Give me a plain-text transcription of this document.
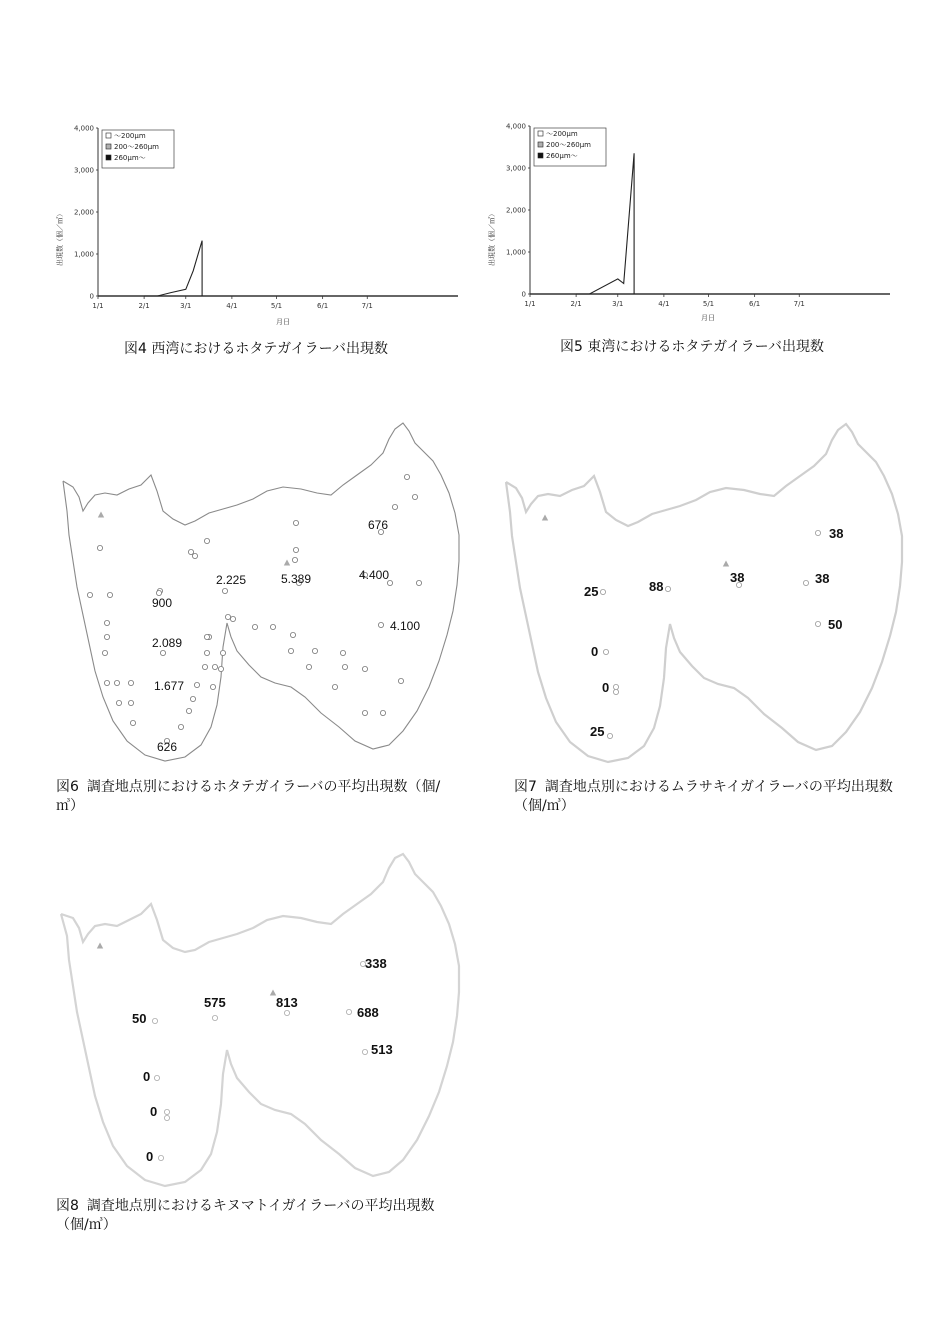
出現数（個／㎥）
月日
0
1,000
2,000
3,000
4,000
1/1	2/1	3/1	4/1	5/1	6/1	7/1
～200μm
200～260μm
260μm～
図4 西湾におけるホタテガイラーバ出現数
出現数（個／㎥）
月日
0
1,000
2,000
3,000
4,000
1/1	2/1	3/1	4/1	5/1	6/1	7/1
～200μm
200～260μm
260μm～
図5 東湾におけるホタテガイラーバ出現数
676
2.225	5.389	4.400
900
4.100
2.089
1.677
626
図6 調査地点別におけるホタテガイラーバの平均出現数（個/㎥）
38
25	88
38	38
50
0
0
25
図7 調査地点別におけるムラサキイガイラーバの平均出現数（個/㎥）
338
50
575	813
688
513
0
0
0
図8 調査地点別におけるキヌマトイガイラーバの平均出現数（個/㎥）
